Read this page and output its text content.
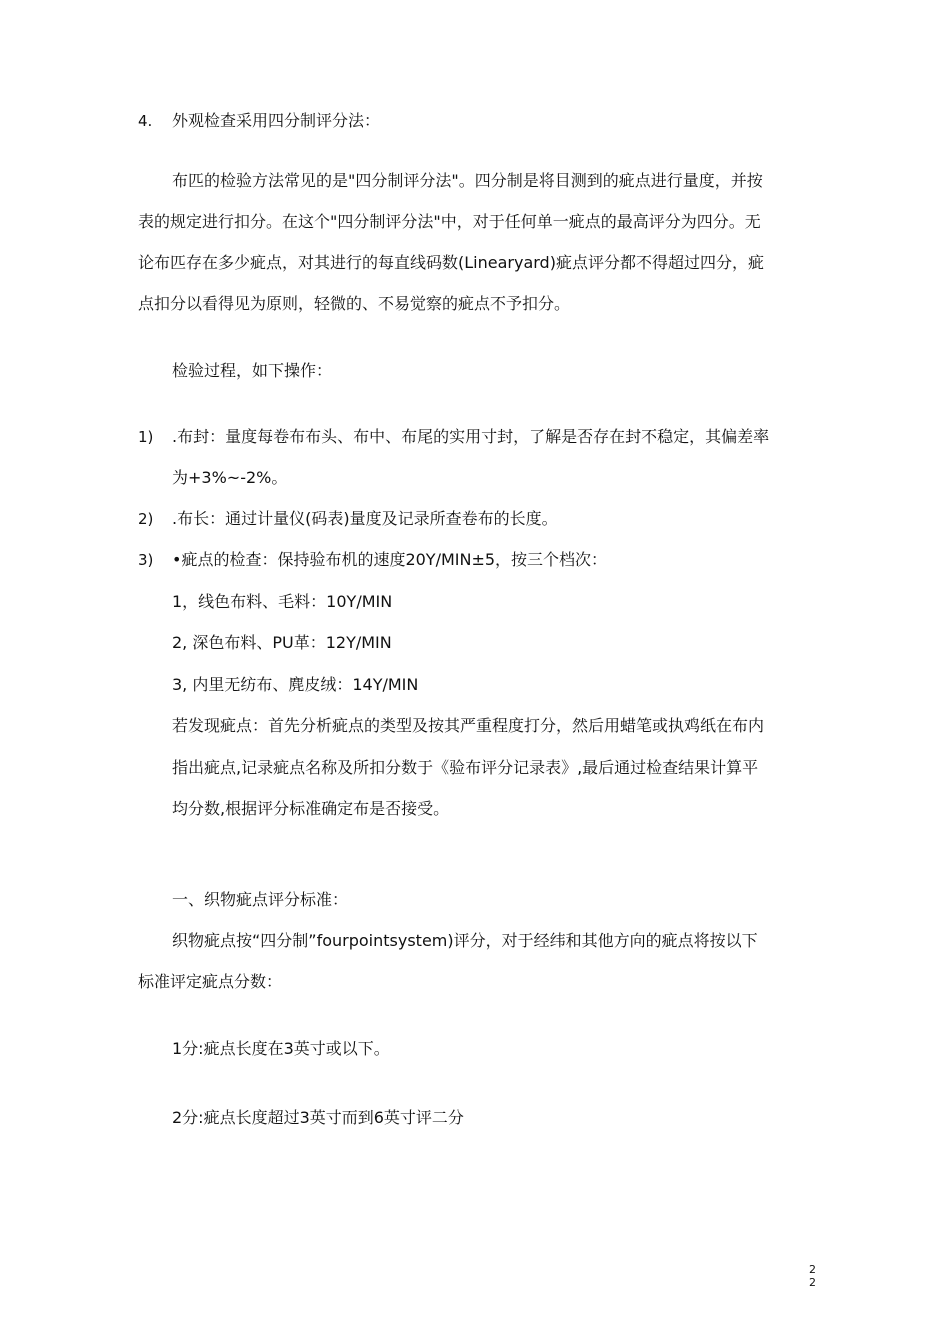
4. 外观检查采用四分制评分法：
布匹的检验方法常见的是"四分制评分法"。四分制是将目测到的疵点进行量度，并按
表的规定进行扣分。在这个"四分制评分法"中，对于任何单一疵点的最高评分为四分。无
论布匹存在多少疵点，对其进行的每直线码数(Linearyard)疵点评分都不得超过四分，疵
点扣分以看得见为原则，轻微的、不易觉察的疵点不予扣分。
检验过程，如下操作：
1) .布封：量度每卷布布头、布中、布尾的实用寸封，了解是否存在封不稳定，其偏差率
为+3%~-2%。
2) .布长：通过计量仪(码表)量度及记录所查卷布的长度。
3) •疵点的检查：保持验布机的速度20Y/MIN±5，按三个档次：
1，线色布料、毛料：10Y/MIN
2, 深色布料、PU革：12Y/MIN
3, 内里无纺布、麂皮绒：14Y/MIN
若发现疵点：首先分析疵点的类型及按其严重程度打分，然后用蜡笔或执鸡纸在布内
指出疵点,记录疵点名称及所扣分数于《验布评分记录表》,最后通过检查结果计算平
均分数,根据评分标准确定布是否接受。
一、织物疵点评分标准：
织物疵点按“四分制”fourpointsystem)评分，对于经纬和其他方向的疵点将按以下
标准评定疵点分数：
1分:疵点长度在3英寸或以下。
2分:疵点长度超过3英寸而到6英寸评二分
2
2
